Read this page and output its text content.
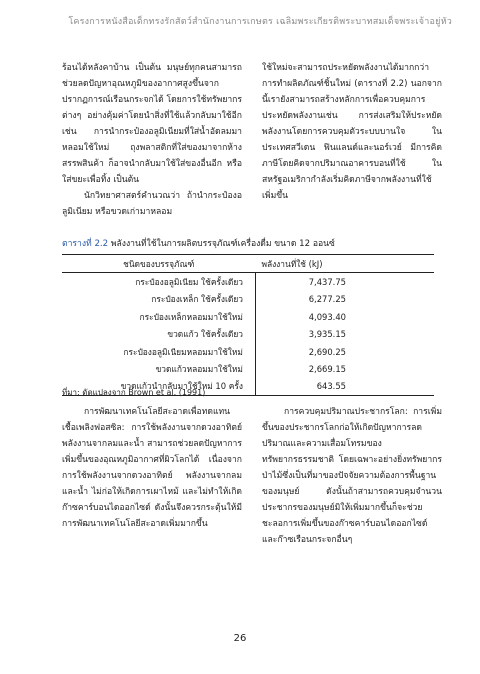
โครงการหนังสือเด็กทรงรักสัตว์สำนักงานการเกษตร เฉลิมพระเกียรติพระบาทสมเด็จพระเจ้าอยู่หัว

ร้อนได้หลังคาบ้าน เป็นต้น มนุษย์ทุกคนสามารถช่วยลดปัญหาอุณหภูมิของอากาศสูงขึ้นจากปรากฏการณ์เรือนกระจกได้ โดยการใช้ทรัพยากรต่างๆ อย่างคุ้มค่าโดยนำสิ่งที่ใช้แล้วกลับมาใช้อีก เช่น การนำกระป๋องอลูมิเนียมที่ใส่น้ำอัดลมมาหลอมใช้ใหม่ ถุงพลาสติกที่ใส่ของมาจากห้างสรรพสินค้า ก็อาจนำกลับมาใช้ใส่ของอื่นอีก หรือใส่ขยะเพื่อทิ้ง เป็นต้น

นักวิทยาศาสตร์คำนวณว่า ถ้านำกระป๋องอลูมิเนียม หรือขวดเก่ามาหลอม

ใช้ใหม่จะสามารถประหยัดพลังงานได้มากกว่าการทำผลิตภัณฑ์ชิ้นใหม่ (ตารางที่ 2.2) นอกจากนี้เรายังสามารถสร้างหลักการเพื่อควบคุมการประหยัดพลังงานเช่น การส่งเสริมให้ประหยัดพลังงานโดยการควบคุมตัวระบบบานใจ ในประเทศสวีเดน ฟินแลนด์และนอร์เวย์ มีการคิดภาษีโดยคิดจากปริมาณอาคารบอนที่ใช้ ในสหรัฐอเมริกากำลังเริ่มคิดภาษีจากพลังงานที่ใช้เพิ่มขึ้น

ตารางที่ 2.2 พลังงานที่ใช้ในการผลิตบรรจุภัณฑ์เครื่องดื่ม ขนาด 12 ออนซ์
ชนิดของบรรจุภัณฑ์	พลังงานที่ใช้ (kJ)
กระป๋องอลูมิเนียม ใช้ครั้งเดียว	7,437.75
กระป๋องเหล็ก ใช้ครั้งเดียว	6,277.25
กระป๋องเหล็กหลอมมาใช้ใหม่	4,093.40
ขวดแก้ว ใช้ครั้งเดียว	3,935.15
กระป๋องอลูมิเนียมหลอมมาใช้ใหม่	2,690.25
ขวดแก้วหลอมมาใช้ใหม่	2,669.15
ขวดแก้วนำกลับมาใช้ใหม่ 10 ครั้ง	643.55
ที่มา: ดัดแปลงจาก Brown et al. (1991)

การพัฒนาเทคโนโลยีสะอาดเพื่อทดแทนเชื้อเพลิงฟอสซิล: การใช้พลังงานจากดวงอาทิตย์ พลังงานจากลมและน้ำ สามารถช่วยลดปัญหาการเพิ่มขึ้นของอุณหภูมิอากาศที่ผิวโลกได้ เนื่องจากการใช้พลังงานจากดวงอาทิตย์ พลังงานจากลมและน้ำ ไม่ก่อให้เกิดการเผาไหม้ และไม่ทำให้เกิดก๊าซคาร์บอนไดออกไซด์ ดังนั้นจึงควรกระตุ้นให้มีการพัฒนาเทคโนโลยีสะอาดเพิ่มมากขึ้น

การควบคุมปริมาณประชากรโลก: การเพิ่มขึ้นของประชากรโลกก่อให้เกิดปัญหาการลดปริมาณและความเสื่อมโทรมของทรัพยากรธรรมชาติ โดยเฉพาะอย่างยิ่งทรัพยากรป่าไม้ซึ่งเป็นที่มาของปัจจัยความต้องการพื้นฐานของมนุษย์ ดังนั้นถ้าสามารถควบคุมจำนวนประชากรของมนุษย์มิให้เพิ่มมากขึ้นก็จะช่วยชะลอการเพิ่มขึ้นของก๊าซคาร์บอนไดออกไซด์และก๊าซเรือนกระจกอื่นๆ

26
